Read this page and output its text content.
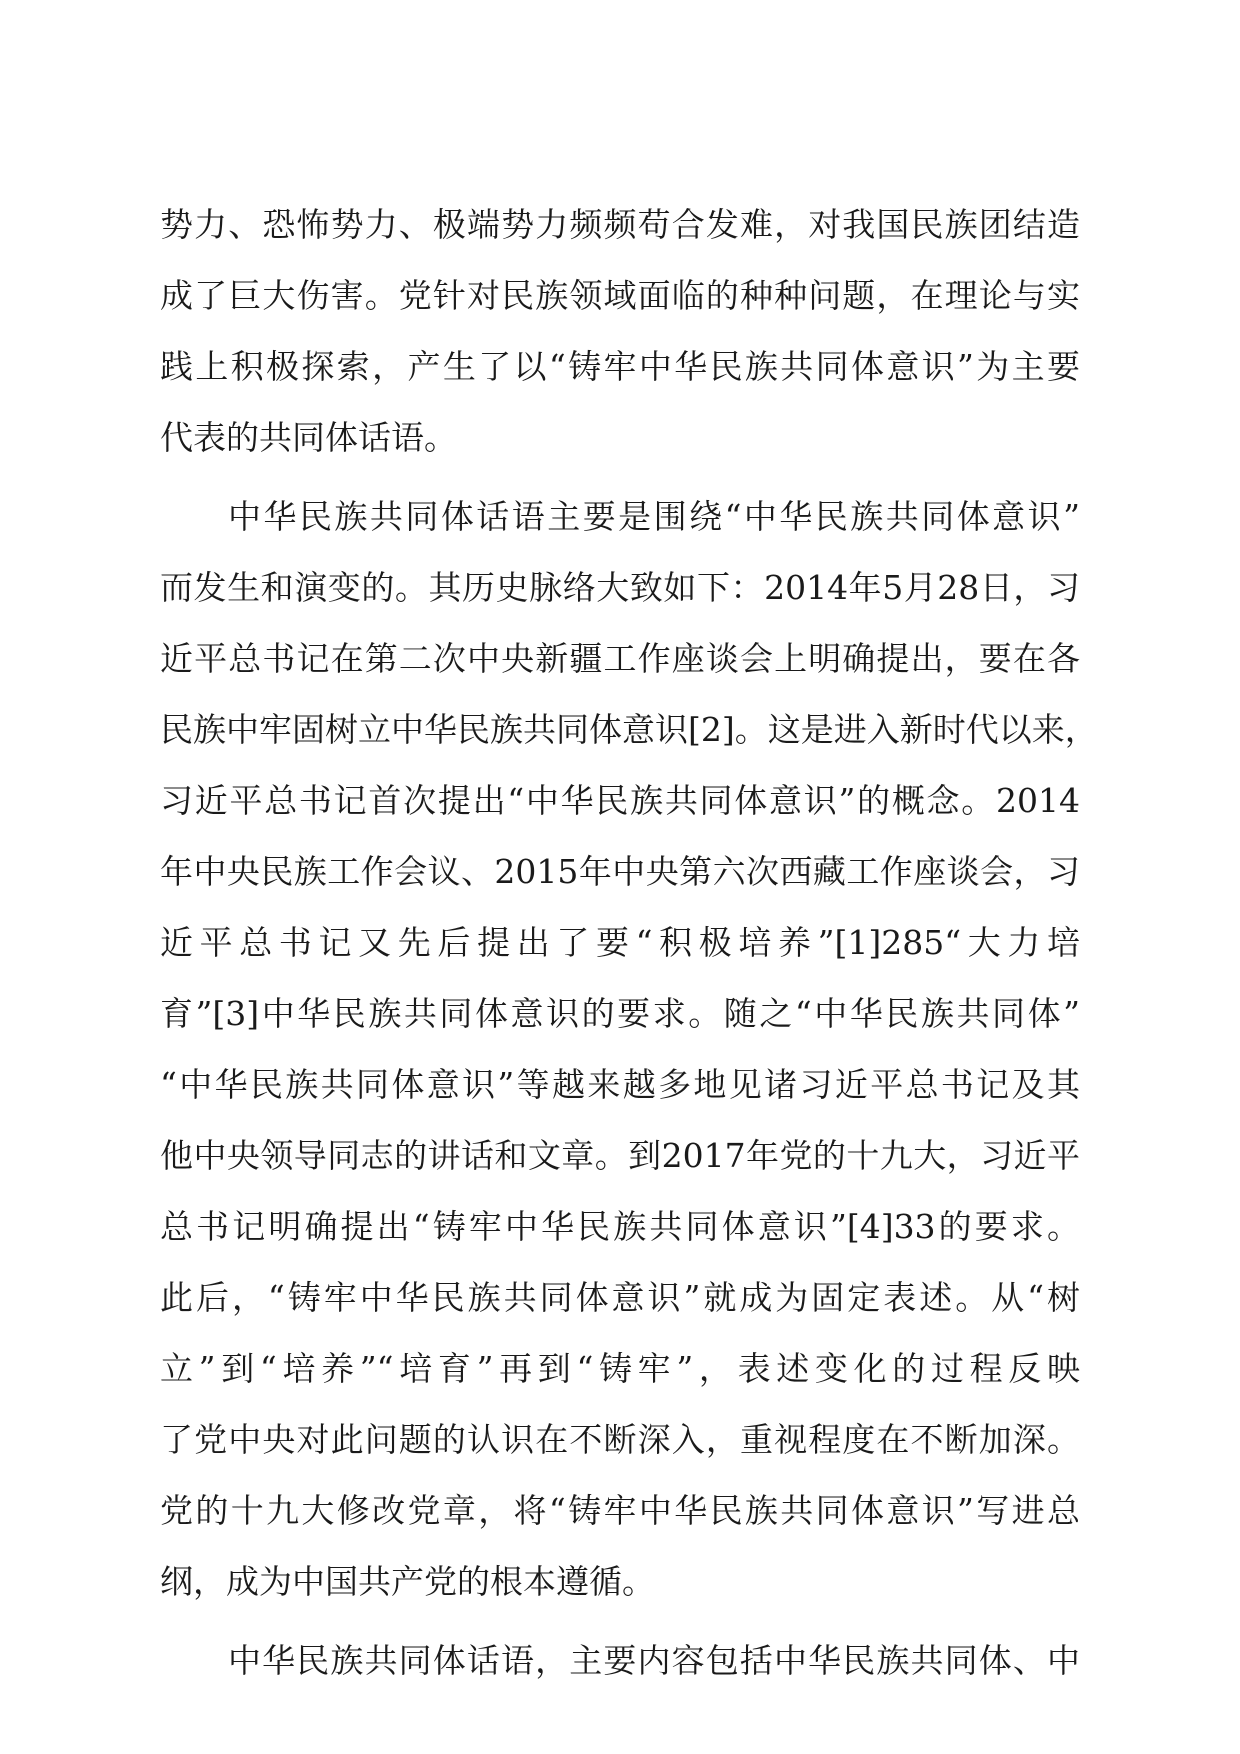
势力、恐怖势力、极端势力频频苟合发难，对我国民族团结造
成了巨大伤害。党针对民族领域面临的种种问题，在理论与实
践上积极探索，产生了以“铸牢中华民族共同体意识”为主要
代表的共同体话语。
中华民族共同体话语主要是围绕“中华民族共同体意识”
而发生和演变的。其历史脉络大致如下：2014年5月28日，习
近平总书记在第二次中央新疆工作座谈会上明确提出，要在各
民族中牢固树立中华民族共同体意识[2]。这是进入新时代以来，
习近平总书记首次提出“中华民族共同体意识”的概念。2014
年中央民族工作会议、2015年中央第六次西藏工作座谈会，习
近平总书记又先后提出了要“积极培养”[1]285“大力培
育”[3]中华民族共同体意识的要求。随之“中华民族共同体”
“中华民族共同体意识”等越来越多地见诸习近平总书记及其
他中央领导同志的讲话和文章。到2017年党的十九大，习近平
总书记明确提出“铸牢中华民族共同体意识”[4]33的要求。
此后，“铸牢中华民族共同体意识”就成为固定表述。从“树
立”到“培养”“培育”再到“铸牢”，表述变化的过程反映
了党中央对此问题的认识在不断深入，重视程度在不断加深。
党的十九大修改党章，将“铸牢中华民族共同体意识”写进总
纲，成为中国共产党的根本遵循。
中华民族共同体话语，主要内容包括中华民族共同体、中
